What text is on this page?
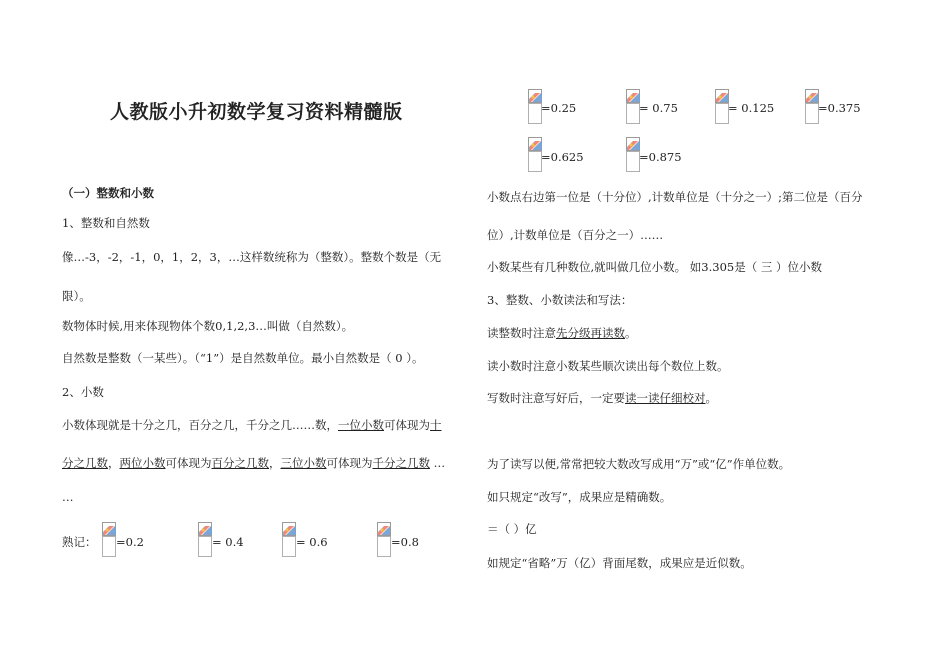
人教版小升初数学复习资料精髓版
（一）整数和小数
1、整数和自然数
像…-3，-2，-1，0，1，2，3，…这样数统称为（整数）。整数个数是（无
限）。
数物体时候,用来体现物体个数0,1,2,3…叫做（自然数）。
自然数是整数（一某些）。（“1”）是自然数单位。最小自然数是（ 0 ）。
2、小数
小数体现就是十分之几，百分之几，千分之几……数，一位小数可体现为十
分之几数，两位小数可体现为百分之几数，三位小数可体现为千分之几数 …
…
熟记： =0.2	= 0.4	= 0.6	=0.8
=0.25	= 0.75	= 0.125	=0.375
=0.625	=0.875
小数点右边第一位是（十分位）,计数单位是（十分之一）;第二位是（百分
位）,计数单位是（百分之一）……
小数某些有几种数位,就叫做几位小数。 如3.305是（ 三 ）位小数
3、整数、小数读法和写法：
读整数时注意先分级再读数。
读小数时注意小数某些顺次读出每个数位上数。
写数时注意写好后，一定要读一读仔细校对。
为了读写以便,常常把较大数改写成用“万”或“亿”作单位数。
如只规定“改写”，成果应是精确数。
＝（ ）亿
如规定“省略”万（亿）背面尾数，成果应是近似数。
